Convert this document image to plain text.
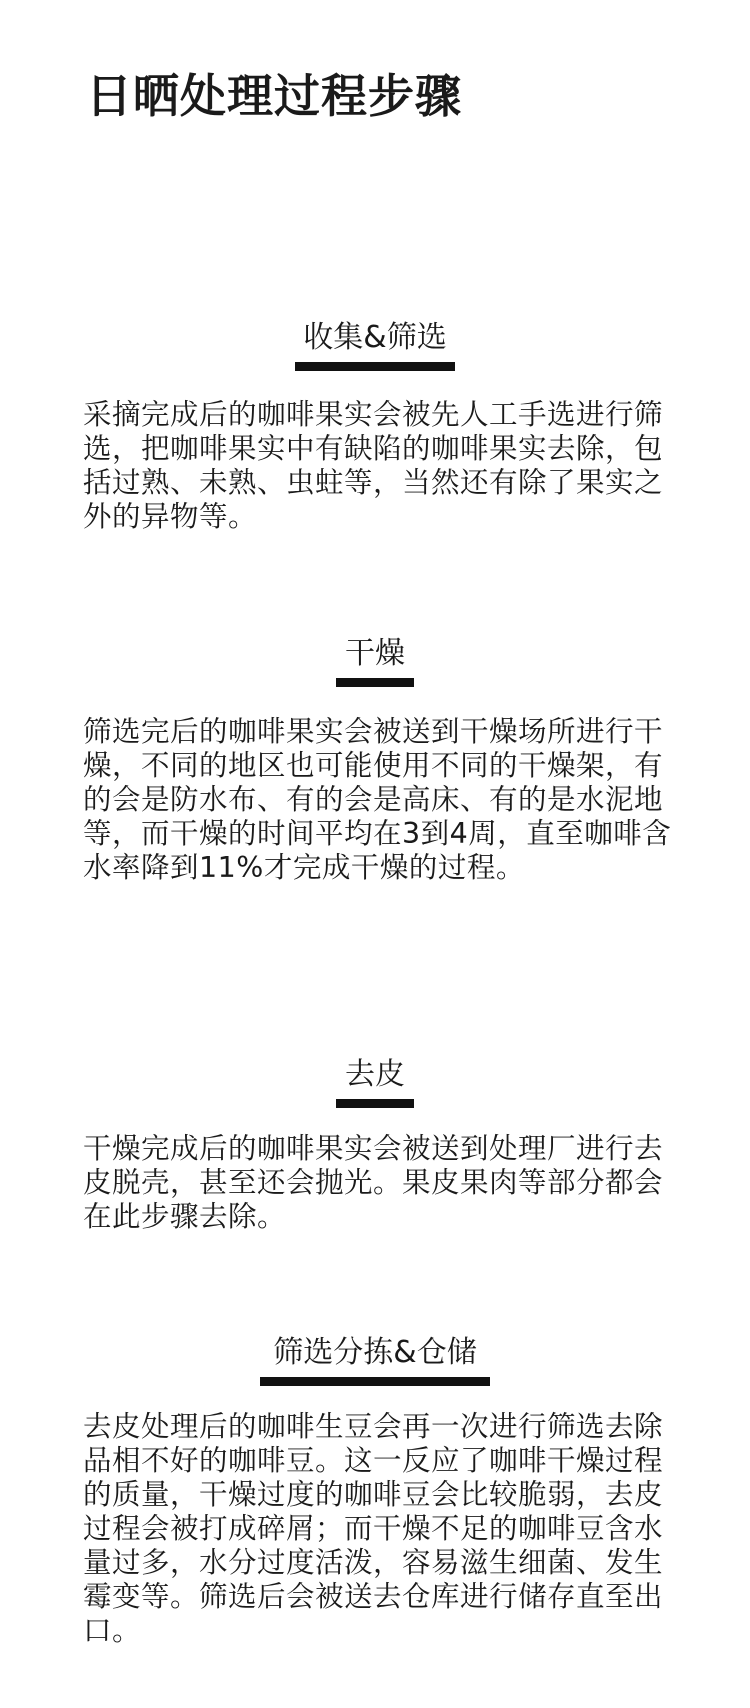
日晒处理过程步骤
收集&筛选
采摘完成后的咖啡果实会被先人工手选进行筛选，把咖啡果实中有缺陷的咖啡果实去除，包括过熟、未熟、虫蛀等，当然还有除了果实之外的异物等。
干燥
筛选完后的咖啡果实会被送到干燥场所进行干燥，不同的地区也可能使用不同的干燥架，有的会是防水布、有的会是高床、有的是水泥地等，而干燥的时间平均在3到4周，直至咖啡含水率降到11%才完成干燥的过程。
去皮
干燥完成后的咖啡果实会被送到处理厂进行去皮脱壳，甚至还会抛光。果皮果肉等部分都会在此步骤去除。
筛选分拣&仓储
去皮处理后的咖啡生豆会再一次进行筛选去除品相不好的咖啡豆。这一反应了咖啡干燥过程的质量，干燥过度的咖啡豆会比较脆弱，去皮过程会被打成碎屑；而干燥不足的咖啡豆含水量过多，水分过度活泼，容易滋生细菌、发生霉变等。筛选后会被送去仓库进行储存直至出口。
